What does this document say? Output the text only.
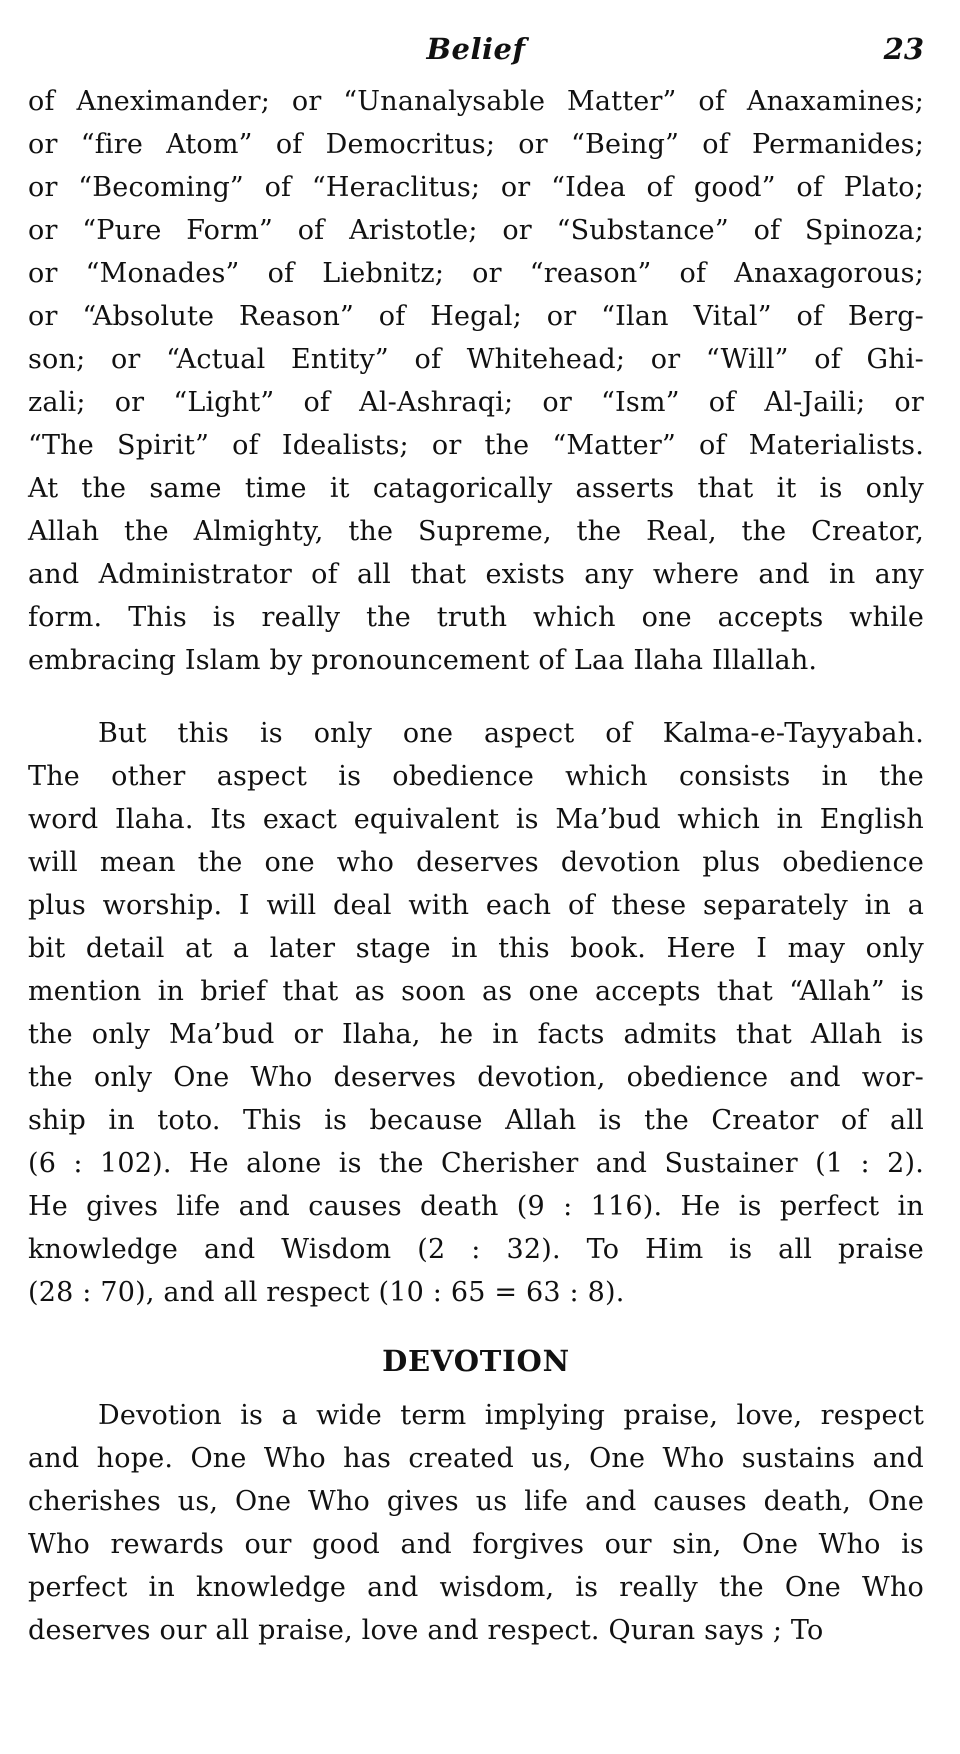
Belief	23
of Aneximander; or “Unanalysable Matter” of Anaxamines;
or “fire Atom” of Democritus; or “Being” of Permanides;
or “Becoming” of “Heraclitus; or “Idea of good” of Plato;
or “Pure Form” of Aristotle; or “Substance” of Spinoza;
or “Monades” of Liebnitz; or “reason” of Anaxagorous;
or “Absolute Reason” of Hegal; or “Ilan Vital” of Berg-
son; or “Actual Entity” of Whitehead; or “Will” of Ghi-
zali; or “Light” of Al-Ashraqi; or “Ism” of Al-Jaili; or
“The Spirit” of Idealists; or the “Matter” of Materialists.
At the same time it catagorically asserts that it is only
Allah the Almighty, the Supreme, the Real, the Creator,
and Administrator of all that exists any where and in any
form. This is really the truth which one accepts while
embracing Islam by pronouncement of Laa Ilaha Illallah.
But this is only one aspect of Kalma-e-Tayyabah.
The other aspect is obedience which consists in the
word Ilaha. Its exact equivalent is Ma’bud which in English
will mean the one who deserves devotion plus obedience
plus worship. I will deal with each of these separately in a
bit detail at a later stage in this book. Here I may only
mention in brief that as soon as one accepts that “Allah” is
the only Ma’bud or Ilaha, he in facts admits that Allah is
the only One Who deserves devotion, obedience and wor-
ship in toto. This is because Allah is the Creator of all
(6 : 102). He alone is the Cherisher and Sustainer (1 : 2).
He gives life and causes death (9 : 116). He is perfect in
knowledge and Wisdom (2 : 32). To Him is all praise
(28 : 70), and all respect (10 : 65 = 63 : 8).
DEVOTION
Devotion is a wide term implying praise, love, respect
and hope. One Who has created us, One Who sustains and
cherishes us, One Who gives us life and causes death, One
Who rewards our good and forgives our sin, One Who is
perfect in knowledge and wisdom, is really the One Who
deserves our all praise, love and respect. Quran says ; To
